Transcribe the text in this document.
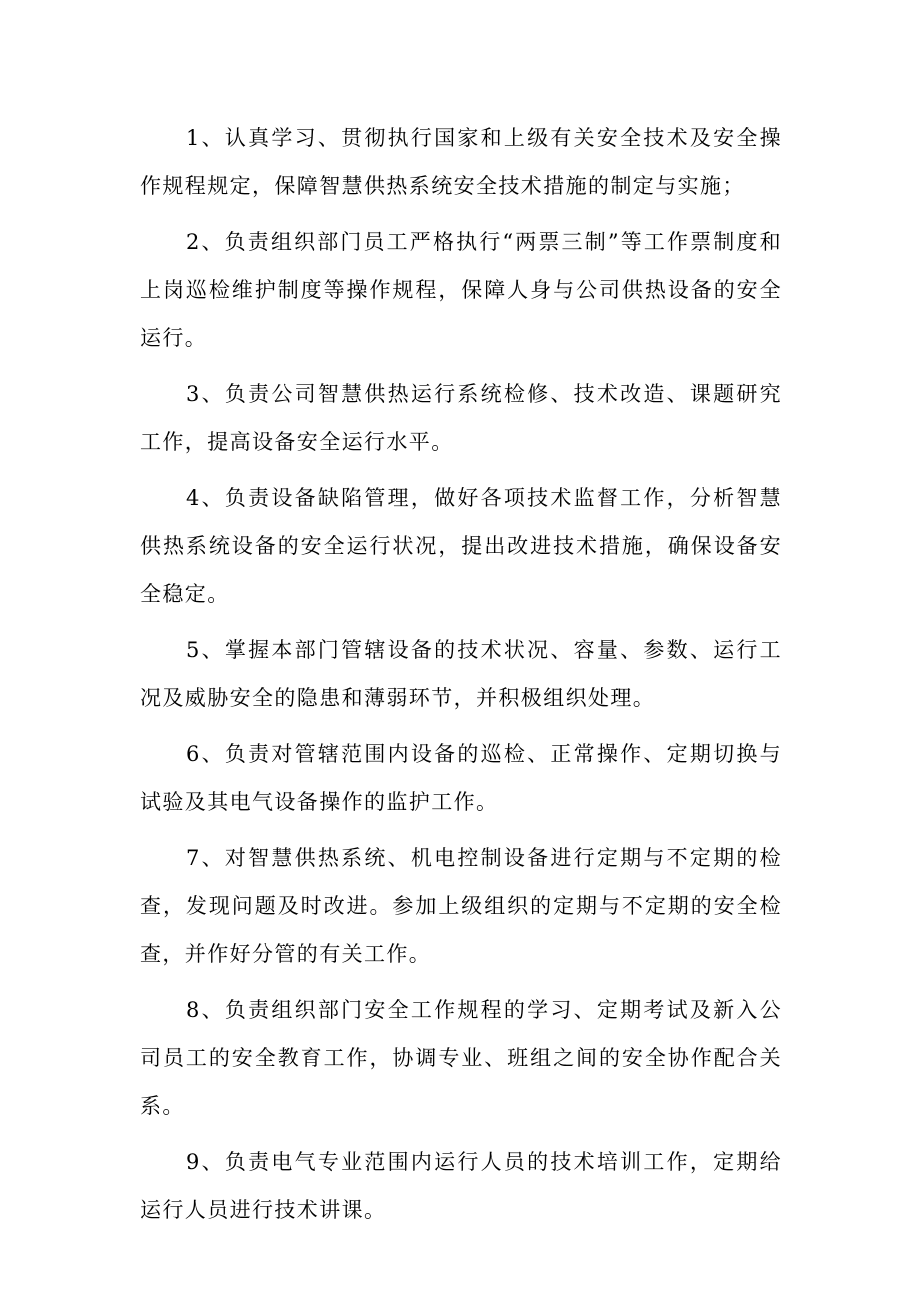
1、认真学习、贯彻执行国家和上级有关安全技术及安全操作规程规定，保障智慧供热系统安全技术措施的制定与实施；

2、负责组织部门员工严格执行“两票三制”等工作票制度和上岗巡检维护制度等操作规程，保障人身与公司供热设备的安全运行。

3、负责公司智慧供热运行系统检修、技术改造、课题研究工作，提高设备安全运行水平。

4、负责设备缺陷管理，做好各项技术监督工作，分析智慧供热系统设备的安全运行状况，提出改进技术措施，确保设备安全稳定。

5、掌握本部门管辖设备的技术状况、容量、参数、运行工况及威胁安全的隐患和薄弱环节，并积极组织处理。

6、负责对管辖范围内设备的巡检、正常操作、定期切换与试验及其电气设备操作的监护工作。

7、对智慧供热系统、机电控制设备进行定期与不定期的检查，发现问题及时改进。参加上级组织的定期与不定期的安全检查，并作好分管的有关工作。

8、负责组织部门安全工作规程的学习、定期考试及新入公司员工的安全教育工作，协调专业、班组之间的安全协作配合关系。

9、负责电气专业范围内运行人员的技术培训工作，定期给运行人员进行技术讲课。
